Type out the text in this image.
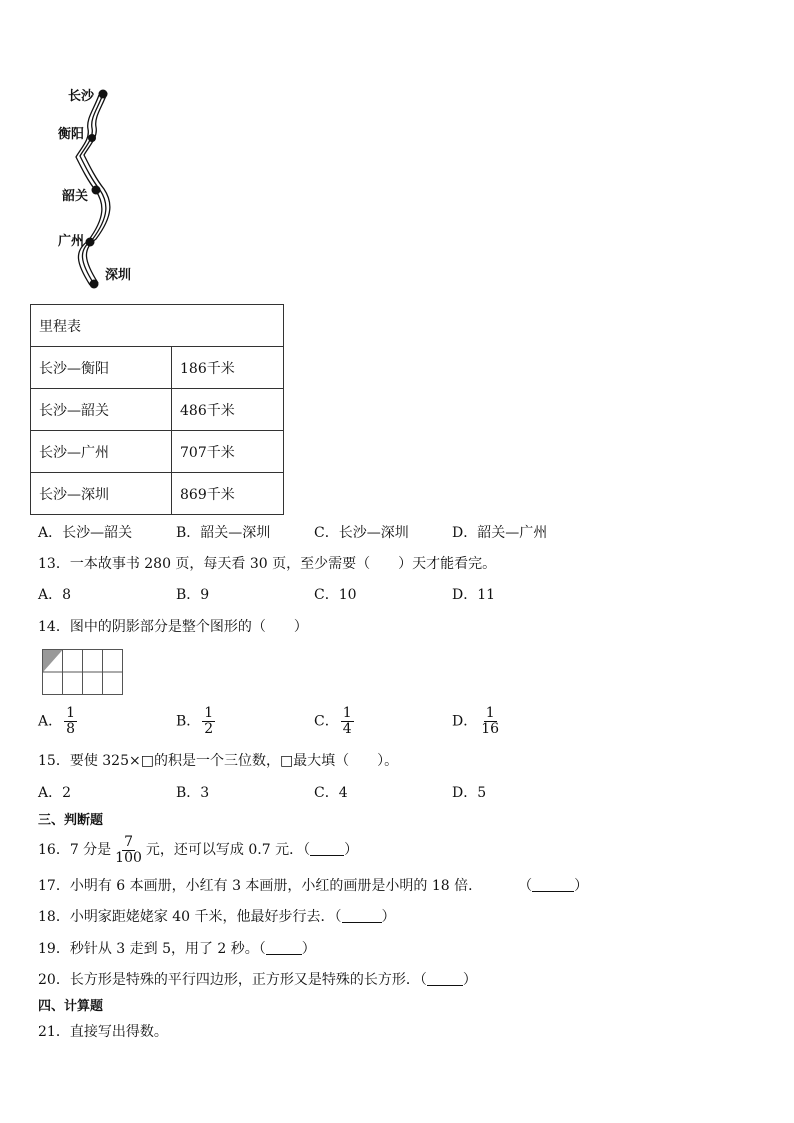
长沙
衡阳
韶关
广州
深圳
里程表	
长沙—衡阳	186千米
长沙—韶关	486千米
长沙—广州	707千米
长沙—深圳	869千米
A．长沙—韶关	B．韶关—深圳	C．长沙—深圳	D．韶关—广州
13．一本故事书 280 页，每天看 30 页，至少需要（　　）天才能看完。
A．8	B．9	C．10	D．11
14．图中的阴影部分是整个图形的（　　）
A． $\frac{1}{8}$	B． $\frac{1}{2}$	C． $\frac{1}{4}$	D． $\frac{1}{16}$
15．要使 325×□的积是一个三位数，□最大填（　　）。
A．2	B．3	C．4	D．5
三、判断题
16．7 分是 $\frac{7}{100}$ 元，还可以写成 0.7 元．（ ）
17．小明有 6 本画册，小红有 3 本画册，小红的画册是小明的 18 倍．	（	）
18．小明家距姥姥家 40 千米，他最好步行去．（	）
19．秒针从 3 走到 5，用了 2 秒。（	）
20．长方形是特殊的平行四边形，正方形又是特殊的长方形．（	）
四、计算题
21．直接写出得数。
